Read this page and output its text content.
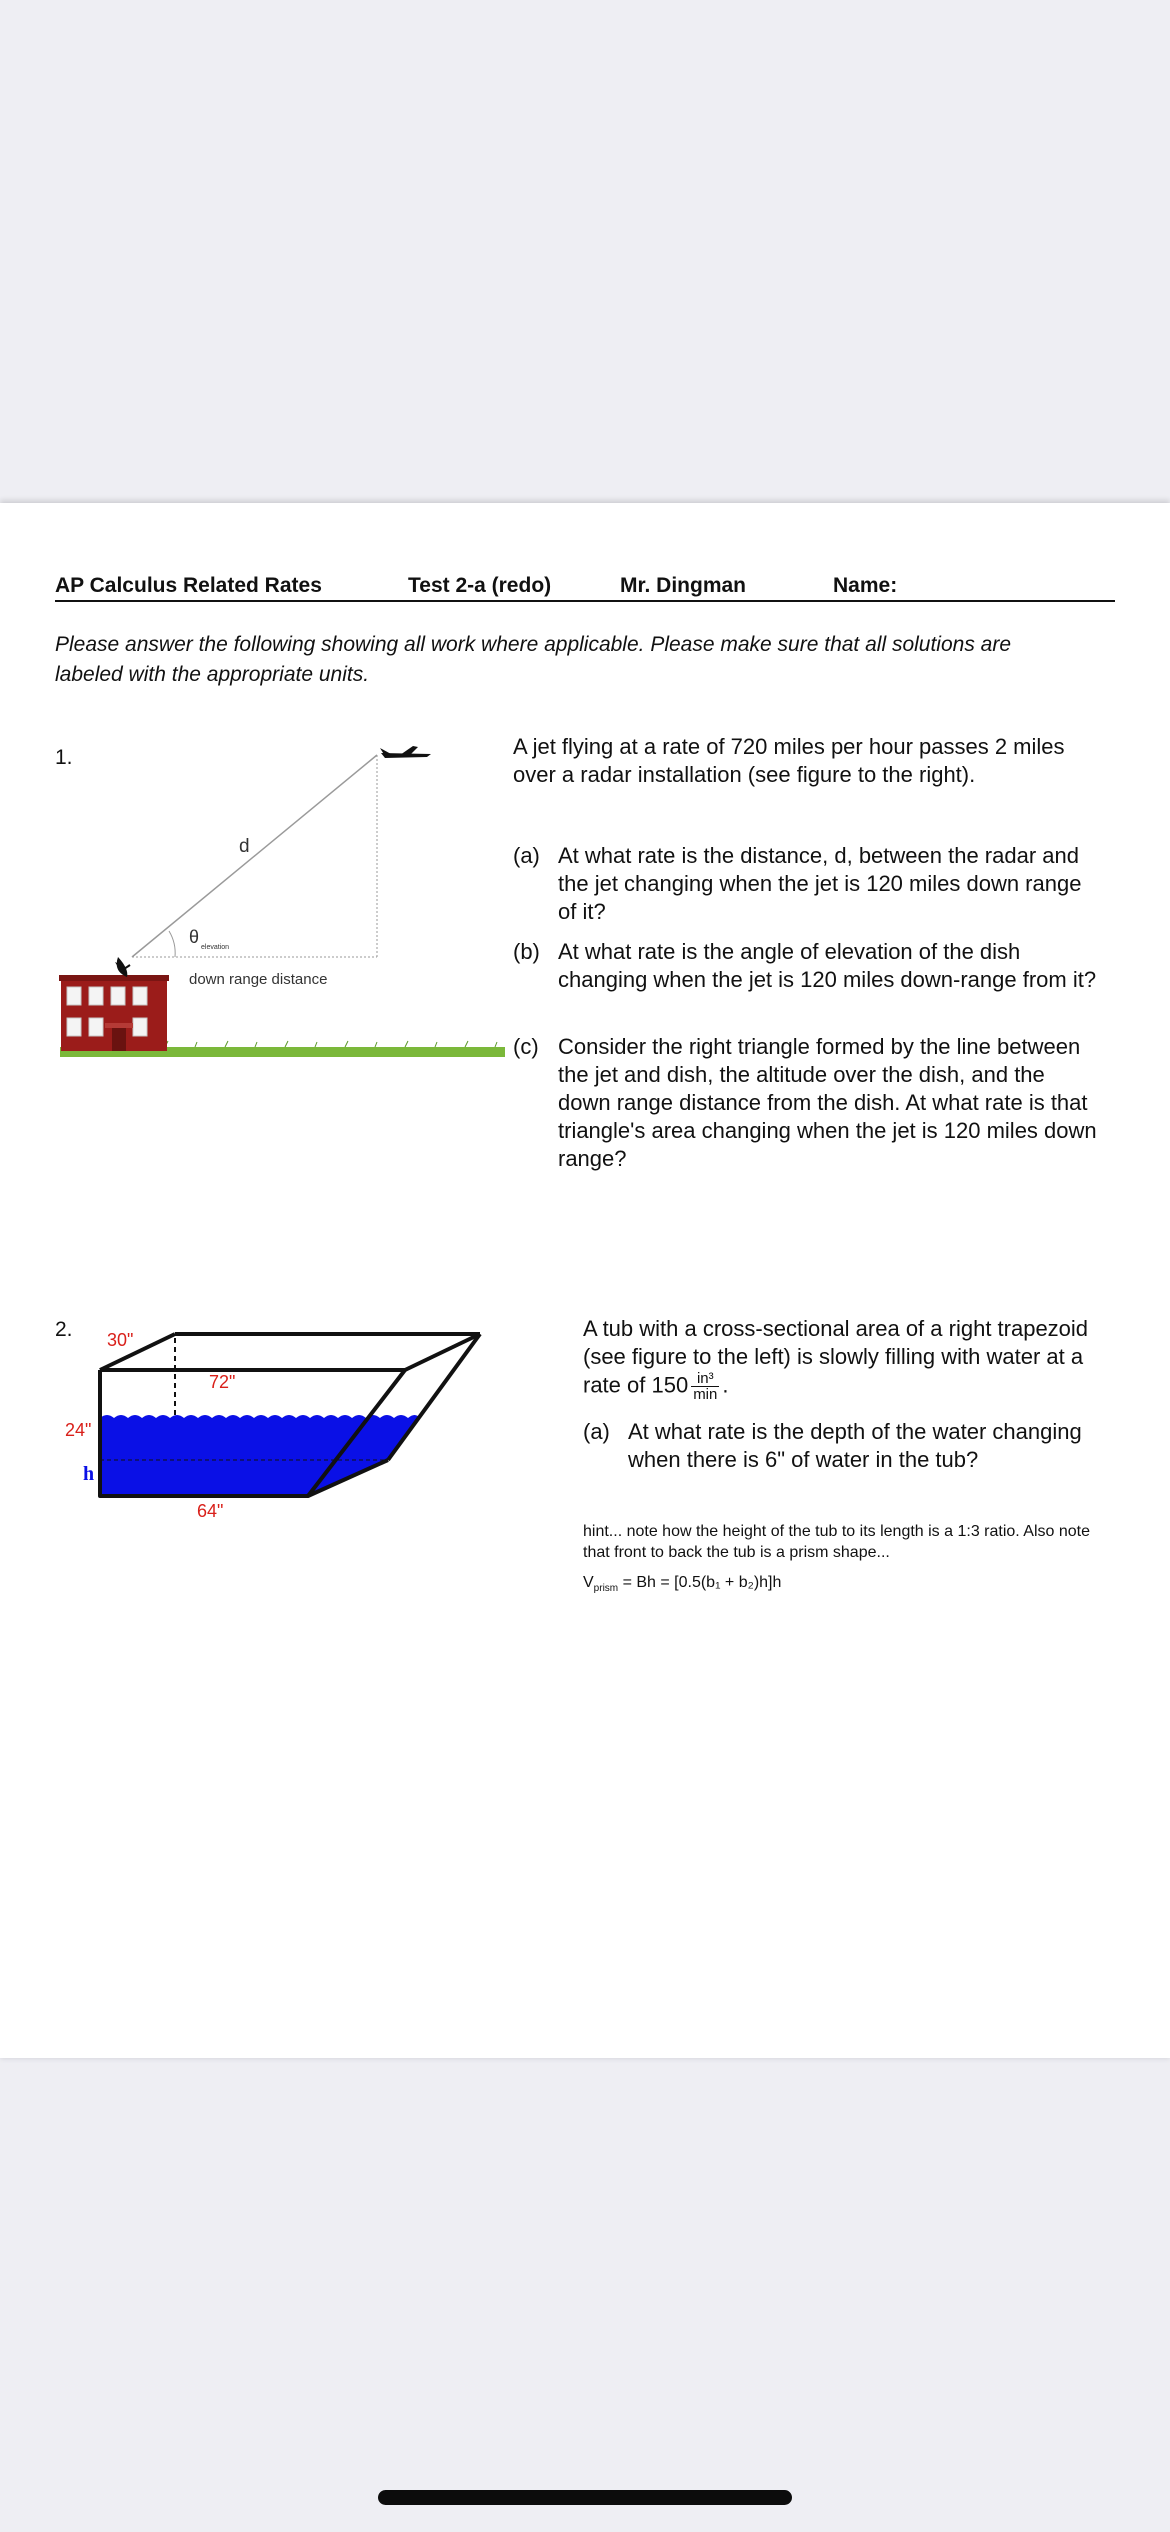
AP Calculus Related Rates	Test 2-a (redo)	Mr. Dingman	Name:
Please answer the following showing all work where applicable. Please make sure that all solutions are labeled with the appropriate units.
1.
d
θ
elevation
down range distance
A jet flying at a rate of 720 miles per hour passes 2 miles over a radar installation (see figure to the right).
(a) At what rate is the distance, d, between the radar and the jet changing when the jet is 120 miles down range of it?
(b) At what rate is the angle of elevation of the dish changing when the jet is 120 miles down-range from it?
(c) Consider the right triangle formed by the line between the jet and dish, the altitude over the dish, and the down range distance from the dish. At what rate is that triangle's area changing when the jet is 120 miles down range?
2. 30"
72"
24"
h
64"
A tub with a cross-sectional area of a right trapezoid (see figure to the left) is slowly filling with water at a rate of $150 \frac{\text{in³}}{\min}$ .
(a) At what rate is the depth of the water changing when there is 6" of water in the tub?
hint... note how the height of the tub to its length is a 1:3 ratio. Also note that front to back the tub is a prism shape...
$V_{prism} = Bh = [0.5(b_1 + b_2)h]h$
